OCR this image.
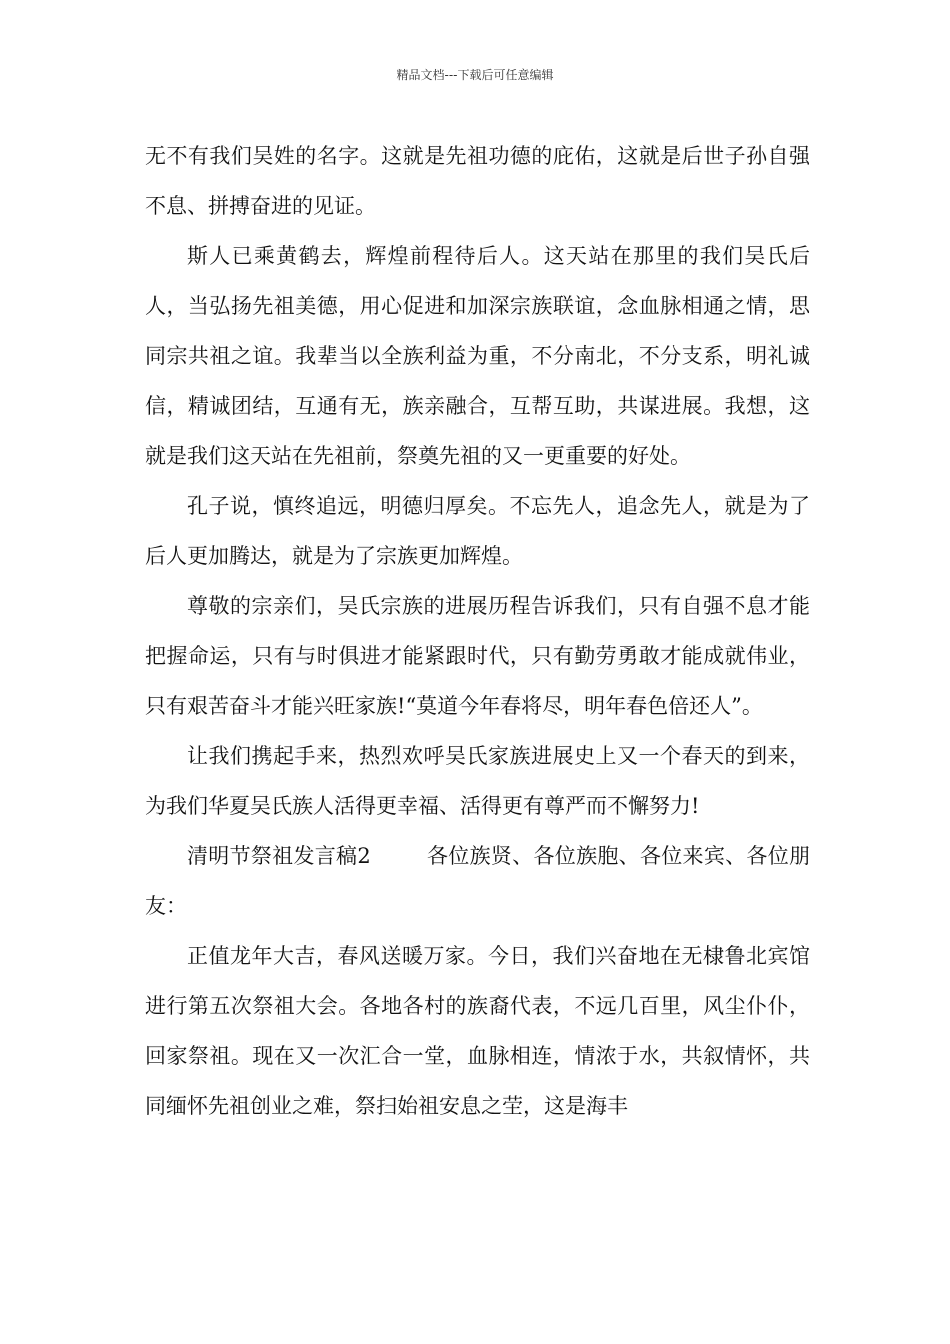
精品文档---下载后可任意编辑

无不有我们吴姓的名字。这就是先祖功德的庇佑，这就是后世子孙自强不息、拼搏奋进的见证。

斯人已乘黄鹤去，辉煌前程待后人。这天站在那里的我们吴氏后人，当弘扬先祖美德，用心促进和加深宗族联谊，念血脉相通之情，思同宗共祖之谊。我辈当以全族利益为重，不分南北，不分支系，明礼诚信，精诚团结，互通有无，族亲融合，互帮互助，共谋进展。我想，这就是我们这天站在先祖前，祭奠先祖的又一更重要的好处。

孔子说，慎终追远，明德归厚矣。不忘先人，追念先人，就是为了后人更加腾达，就是为了宗族更加辉煌。

尊敬的宗亲们，吴氏宗族的进展历程告诉我们，只有自强不息才能把握命运，只有与时俱进才能紧跟时代，只有勤劳勇敢才能成就伟业，只有艰苦奋斗才能兴旺家族!“莫道今年春将尽，明年春色倍还人”。

让我们携起手来，热烈欢呼吴氏家族进展史上又一个春天的到来，为我们华夏吴氏族人活得更幸福、活得更有尊严而不懈努力!

清明节祭祖发言稿2	各位族贤、各位族胞、各位来宾、各位朋友：

正值龙年大吉，春风送暖万家。今日，我们兴奋地在无棣鲁北宾馆进行第五次祭祖大会。各地各村的族裔代表，不远几百里，风尘仆仆，回家祭祖。现在又一次汇合一堂，血脉相连，情浓于水，共叙情怀，共同缅怀先祖创业之难，祭扫始祖安息之茔，这是海丰
